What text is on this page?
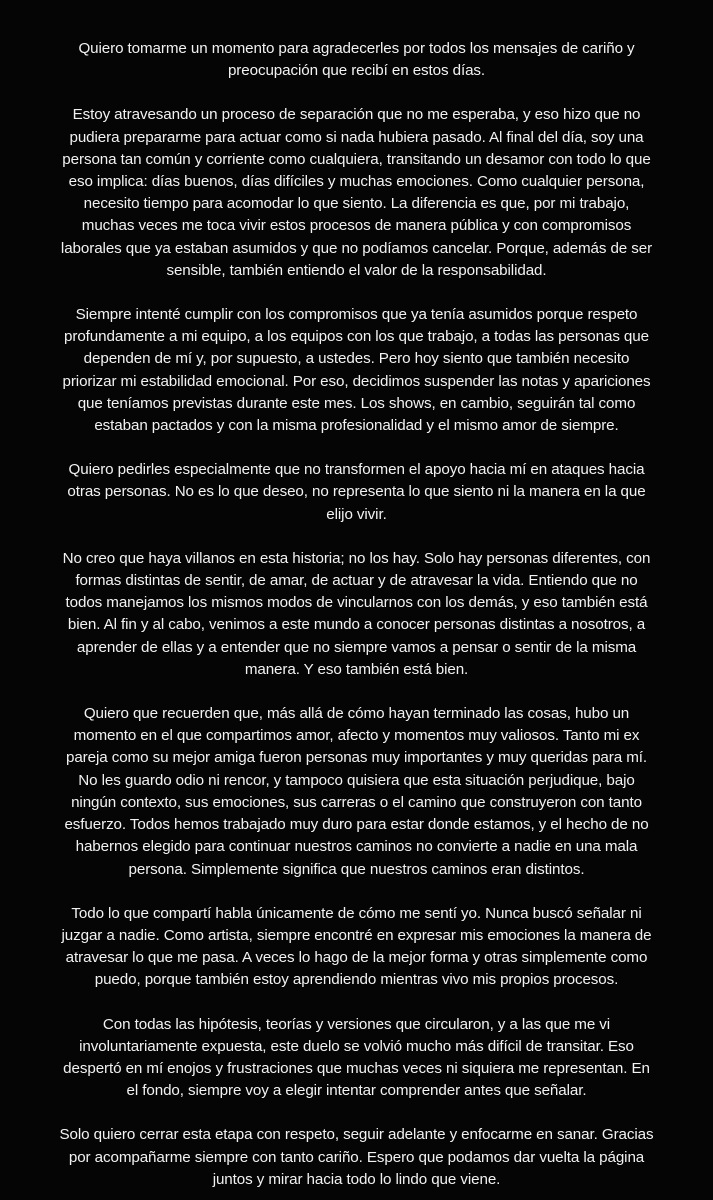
Quiero tomarme un momento para agradecerles por todos los mensajes de cariño y preocupación que recibí en estos días.

Estoy atravesando un proceso de separación que no me esperaba, y eso hizo que no pudiera prepararme para actuar como si nada hubiera pasado. Al final del día, soy una persona tan común y corriente como cualquiera, transitando un desamor con todo lo que eso implica: días buenos, días difíciles y muchas emociones. Como cualquier persona, necesito tiempo para acomodar lo que siento. La diferencia es que, por mi trabajo, muchas veces me toca vivir estos procesos de manera pública y con compromisos laborales que ya estaban asumidos y que no podíamos cancelar. Porque, además de ser sensible, también entiendo el valor de la responsabilidad.

Siempre intenté cumplir con los compromisos que ya tenía asumidos porque respeto profundamente a mi equipo, a los equipos con los que trabajo, a todas las personas que dependen de mí y, por supuesto, a ustedes. Pero hoy siento que también necesito priorizar mi estabilidad emocional. Por eso, decidimos suspender las notas y apariciones que teníamos previstas durante este mes. Los shows, en cambio, seguirán tal como estaban pactados y con la misma profesionalidad y el mismo amor de siempre.

Quiero pedirles especialmente que no transformen el apoyo hacia mí en ataques hacia otras personas. No es lo que deseo, no representa lo que siento ni la manera en la que elijo vivir.

No creo que haya villanos en esta historia; no los hay. Solo hay personas diferentes, con formas distintas de sentir, de amar, de actuar y de atravesar la vida. Entiendo que no todos manejamos los mismos modos de vincularnos con los demás, y eso también está bien. Al fin y al cabo, venimos a este mundo a conocer personas distintas a nosotros, a aprender de ellas y a entender que no siempre vamos a pensar o sentir de la misma manera. Y eso también está bien.

Quiero que recuerden que, más allá de cómo hayan terminado las cosas, hubo un momento en el que compartimos amor, afecto y momentos muy valiosos. Tanto mi ex pareja como su mejor amiga fueron personas muy importantes y muy queridas para mí. No les guardo odio ni rencor, y tampoco quisiera que esta situación perjudique, bajo ningún contexto, sus emociones, sus carreras o el camino que construyeron con tanto esfuerzo. Todos hemos trabajado muy duro para estar donde estamos, y el hecho de no habernos elegido para continuar nuestros caminos no convierte a nadie en una mala persona. Simplemente significa que nuestros caminos eran distintos.

Todo lo que compartí habla únicamente de cómo me sentí yo. Nunca buscó señalar ni juzgar a nadie. Como artista, siempre encontré en expresar mis emociones la manera de atravesar lo que me pasa. A veces lo hago de la mejor forma y otras simplemente como puedo, porque también estoy aprendiendo mientras vivo mis propios procesos.

Con todas las hipótesis, teorías y versiones que circularon, y a las que me vi involuntariamente expuesta, este duelo se volvió mucho más difícil de transitar. Eso despertó en mí enojos y frustraciones que muchas veces ni siquiera me representan. En el fondo, siempre voy a elegir intentar comprender antes que señalar.

Solo quiero cerrar esta etapa con respeto, seguir adelante y enfocarme en sanar. Gracias por acompañarme siempre con tanto cariño. Espero que podamos dar vuelta la página juntos y mirar hacia todo lo lindo que viene.
